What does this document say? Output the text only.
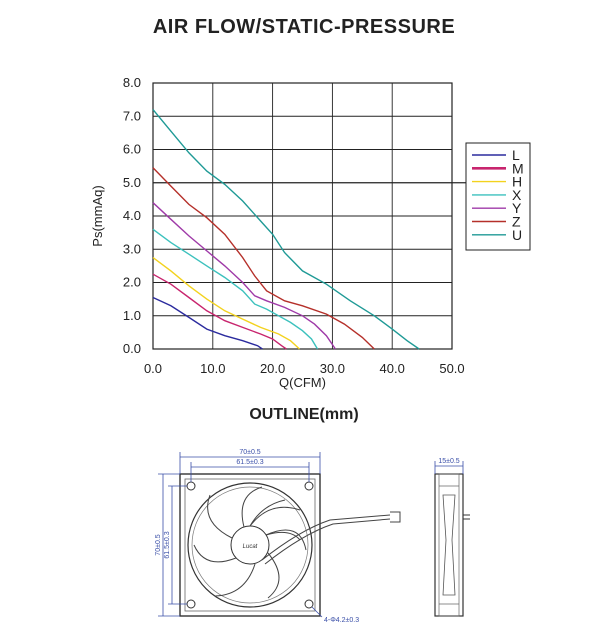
AIR FLOW/STATIC-PRESSURE
0.0	10.0	20.0	30.0	40.0	50.0
0.0
1.0
2.0
3.0
4.0
5.0
6.0
7.0
8.0
Q(CFM)
Ps(mmAq)
L
M
H
X
Y
Z
U
OUTLINE(mm)
70±0.5
61.5±0.3
70±0.5 61.5±0.3
4-Φ4.2±0.3
Lucat
15±0.5
